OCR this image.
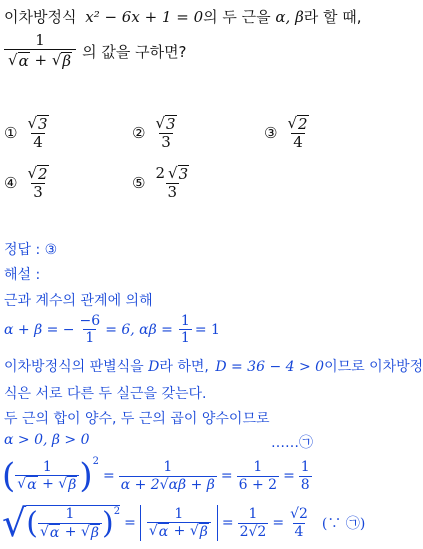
이차방정식 x² − 6x + 1 = 0의 두 근을 α, β라 할 때,
$\frac{1}{√ \alpha + √ \beta}$ 의 값을 구하면?
① $\frac{√ 3}{4}$	② $\frac{√ 3}{3}$	③ $\frac{√ 2}{4}$
④ $\frac{√ 2}{3}$	⑤ $\frac{2 √ 3}{3}$
정답 : ③
해설 :
근과 계수의 관계에 의해
α + β = − $\frac{-6}{1} = 6$, $\alpha\beta = \frac{1}{1} = 1$
이차방정식의 판별식을 D라 하면, D = 36 − 4 > 0이므로 이차방정
식은 서로 다른 두 실근을 갖는다.
두 근의 합이 양수, 두 근의 곱이 양수이므로
α > 0, β > 0	……㉠
( $\frac{1}{√ \alpha + √ \beta}$ ) 2
= $\frac{1}{\alpha + 2√\alpha\beta + \beta} = \frac{1}{6 + 2} = \frac{1}{8}$
√ ( $\frac{1}{√ \alpha + √ \beta}$ ) 2
= $\frac{1}{√ \alpha + √ \beta} = \frac{1}{2√2} = \frac{√2}{4}$ (∵ ㉠)
